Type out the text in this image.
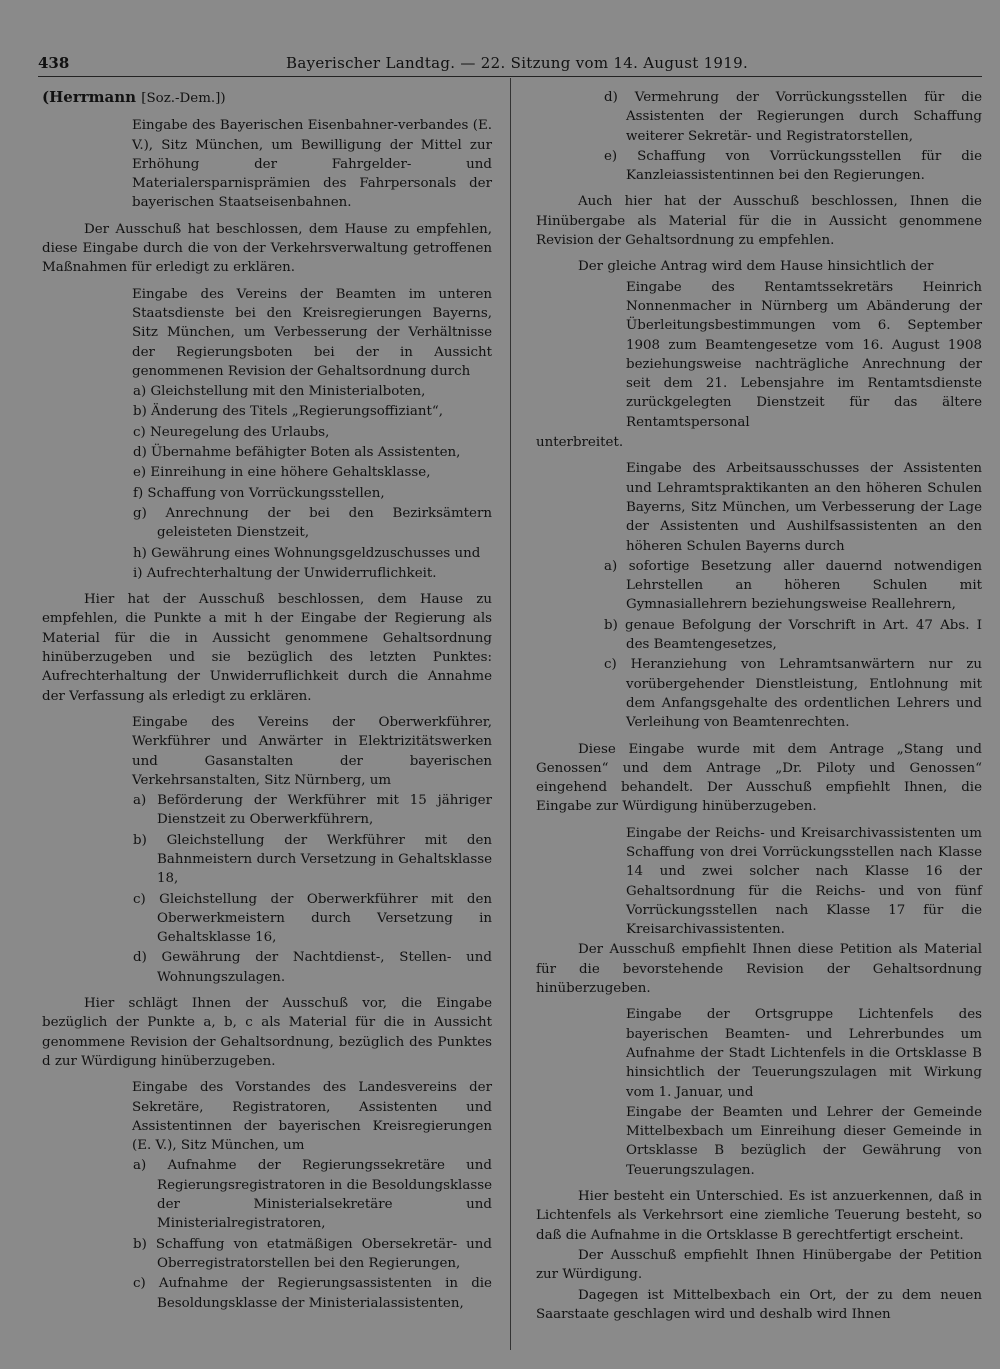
438	Bayerischer Landtag. — 22. Sitzung vom 14. August 1919.

(Herrmann [Soz.-Dem.])

Eingabe des Bayerischen Eisenbahner-verbandes (E. V.), Sitz München, um Bewilligung der Mittel zur Erhöhung der Fahrgelder- und Materialersparnisprämien des Fahrpersonals der bayerischen Staatseisenbahnen.

Der Ausschuß hat beschlossen, dem Hause zu empfehlen, diese Eingabe durch die von der Verkehrsverwaltung getroffenen Maßnahmen für erledigt zu erklären.

Eingabe des Vereins der Beamten im unteren Staatsdienste bei den Kreisregierungen Bayerns, Sitz München, um Verbesserung der Verhältnisse der Regierungsboten bei der in Aussicht genommenen Revision der Gehaltsordnung durch

a) Gleichstellung mit den Ministerialboten,

b) Änderung des Titels „Regierungsoffiziant“,

c) Neuregelung des Urlaubs,

d) Übernahme befähigter Boten als Assistenten,

e) Einreihung in eine höhere Gehaltsklasse,

f) Schaffung von Vorrückungsstellen,

g) Anrechnung der bei den Bezirksämtern geleisteten Dienstzeit,

h) Gewährung eines Wohnungsgeldzuschusses und

i) Aufrechterhaltung der Unwiderruflichkeit.

Hier hat der Ausschuß beschlossen, dem Hause zu empfehlen, die Punkte a mit h der Eingabe der Regierung als Material für die in Aussicht genommene Gehaltsordnung hinüberzugeben und sie bezüglich des letzten Punktes: Aufrechterhaltung der Unwiderruflichkeit durch die Annahme der Verfassung als erledigt zu erklären.

Eingabe des Vereins der Oberwerkführer, Werkführer und Anwärter in Elektrizitätswerken und Gasanstalten der bayerischen Verkehrsanstalten, Sitz Nürnberg, um

a) Beförderung der Werkführer mit 15 jähriger Dienstzeit zu Oberwerkführern,

b) Gleichstellung der Werkführer mit den Bahnmeistern durch Versetzung in Gehaltsklasse 18,

c) Gleichstellung der Oberwerkführer mit den Oberwerkmeistern durch Versetzung in Gehaltsklasse 16,

d) Gewährung der Nachtdienst-, Stellen- und Wohnungszulagen.

Hier schlägt Ihnen der Ausschuß vor, die Eingabe bezüglich der Punkte a, b, c als Material für die in Aussicht genommene Revision der Gehaltsordnung, bezüglich des Punktes d zur Würdigung hinüberzugeben.

Eingabe des Vorstandes des Landesvereins der Sekretäre, Registratoren, Assistenten und Assistentinnen der bayerischen Kreisregierungen (E. V.), Sitz München, um

a) Aufnahme der Regierungssekretäre und Regierungsregistratoren in die Besoldungsklasse der Ministerialsekretäre und Ministerialregistratoren,

b) Schaffung von etatmäßigen Obersekretär- und Oberregistratorstellen bei den Regierungen,

c) Aufnahme der Regierungsassistenten in die Besoldungsklasse der Ministerialassistenten,

d) Vermehrung der Vorrückungsstellen für die Assistenten der Regierungen durch Schaffung weiterer Sekretär- und Registratorstellen,

e) Schaffung von Vorrückungsstellen für die Kanzleiassistentinnen bei den Regierungen.

Auch hier hat der Ausschuß beschlossen, Ihnen die Hinübergabe als Material für die in Aussicht genommene Revision der Gehaltsordnung zu empfehlen.

Der gleiche Antrag wird dem Hause hinsichtlich der

Eingabe des Rentamtssekretärs Heinrich Nonnenmacher in Nürnberg um Abänderung der Überleitungsbestimmungen vom 6. September 1908 zum Beamtengesetze vom 16. August 1908 beziehungsweise nachträgliche Anrechnung der seit dem 21. Lebensjahre im Rentamtsdienste zurückgelegten Dienstzeit für das ältere Rentamtspersonal

unterbreitet.

Eingabe des Arbeitsausschusses der Assistenten und Lehramtspraktikanten an den höheren Schulen Bayerns, Sitz München, um Verbesserung der Lage der Assistenten und Aushilfsassistenten an den höheren Schulen Bayerns durch

a) sofortige Besetzung aller dauernd notwendigen Lehrstellen an höheren Schulen mit Gymnasiallehrern beziehungsweise Reallehrern,

b) genaue Befolgung der Vorschrift in Art. 47 Abs. I des Beamtengesetzes,

c) Heranziehung von Lehramtsanwärtern nur zu vorübergehender Dienstleistung, Entlohnung mit dem Anfangsgehalte des ordentlichen Lehrers und Verleihung von Beamtenrechten.

Diese Eingabe wurde mit dem Antrage „Stang und Genossen“ und dem Antrage „Dr. Piloty und Genossen“ eingehend behandelt. Der Ausschuß empfiehlt Ihnen, die Eingabe zur Würdigung hinüberzugeben.

Eingabe der Reichs- und Kreisarchivassistenten um Schaffung von drei Vorrückungsstellen nach Klasse 14 und zwei solcher nach Klasse 16 der Gehaltsordnung für die Reichs- und von fünf Vorrückungsstellen nach Klasse 17 für die Kreisarchivassistenten.

Der Ausschuß empfiehlt Ihnen diese Petition als Material für die bevorstehende Revision der Gehaltsordnung hinüberzugeben.

Eingabe der Ortsgruppe Lichtenfels des bayerischen Beamten- und Lehrerbundes um Aufnahme der Stadt Lichtenfels in die Ortsklasse B hinsichtlich der Teuerungszulagen mit Wirkung vom 1. Januar, und

Eingabe der Beamten und Lehrer der Gemeinde Mittelbexbach um Einreihung dieser Gemeinde in Ortsklasse B bezüglich der Gewährung von Teuerungszulagen.

Hier besteht ein Unterschied. Es ist anzuerkennen, daß in Lichtenfels als Verkehrsort eine ziemliche Teuerung besteht, so daß die Aufnahme in die Ortsklasse B gerechtfertigt erscheint.

Der Ausschuß empfiehlt Ihnen Hinübergabe der Petition zur Würdigung.

Dagegen ist Mittelbexbach ein Ort, der zu dem neuen Saarstaate geschlagen wird und deshalb wird Ihnen
